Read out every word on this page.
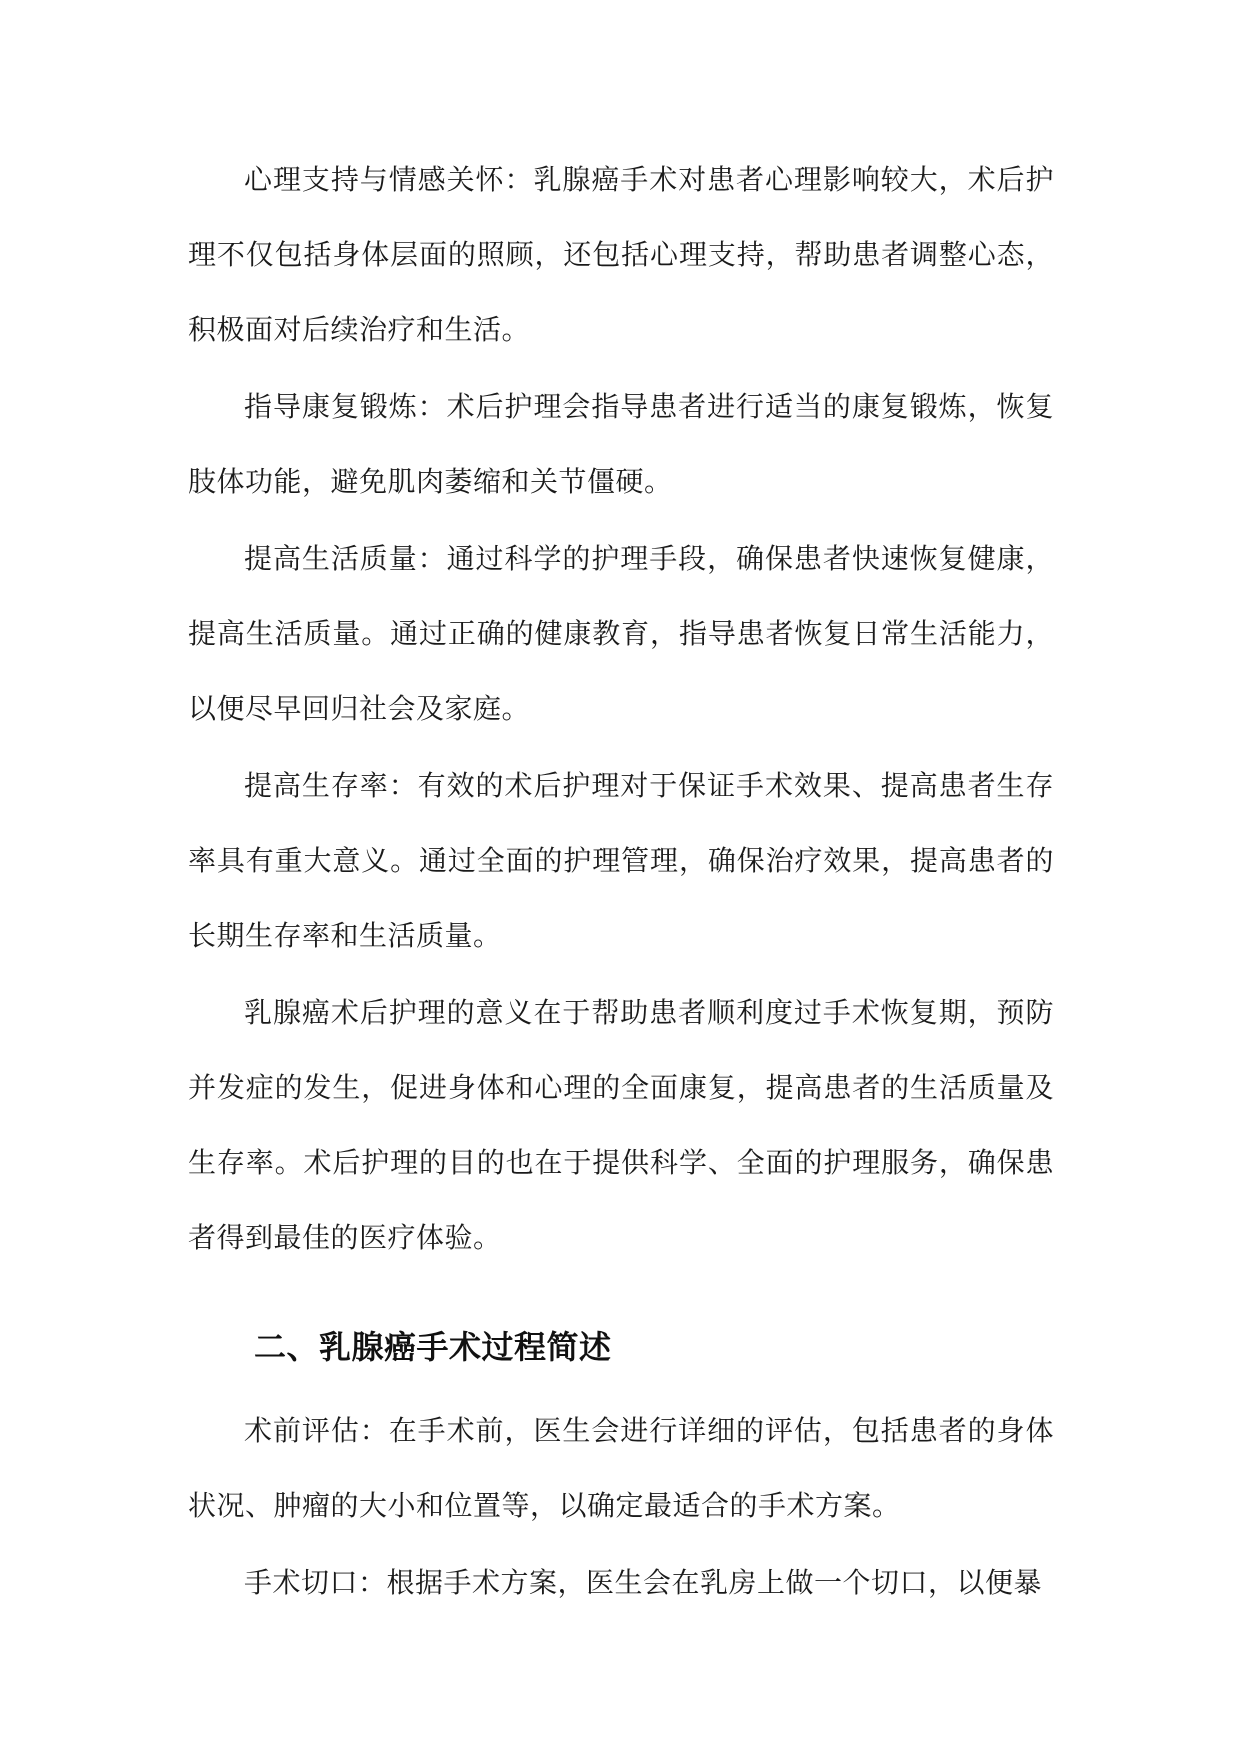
心理支持与情感关怀：乳腺癌手术对患者心理影响较大，术后护理不仅包括身体层面的照顾，还包括心理支持，帮助患者调整心态，积极面对后续治疗和生活。

指导康复锻炼：术后护理会指导患者进行适当的康复锻炼，恢复肢体功能，避免肌肉萎缩和关节僵硬。

提高生活质量：通过科学的护理手段，确保患者快速恢复健康，提高生活质量。通过正确的健康教育，指导患者恢复日常生活能力，以便尽早回归社会及家庭。

提高生存率：有效的术后护理对于保证手术效果、提高患者生存率具有重大意义。通过全面的护理管理，确保治疗效果，提高患者的长期生存率和生活质量。

乳腺癌术后护理的意义在于帮助患者顺利度过手术恢复期，预防并发症的发生，促进身体和心理的全面康复，提高患者的生活质量及生存率。术后护理的目的也在于提供科学、全面的护理服务，确保患者得到最佳的医疗体验。

二、乳腺癌手术过程简述

术前评估：在手术前，医生会进行详细的评估，包括患者的身体状况、肿瘤的大小和位置等，以确定最适合的手术方案。

手术切口：根据手术方案，医生会在乳房上做一个切口，以便暴
